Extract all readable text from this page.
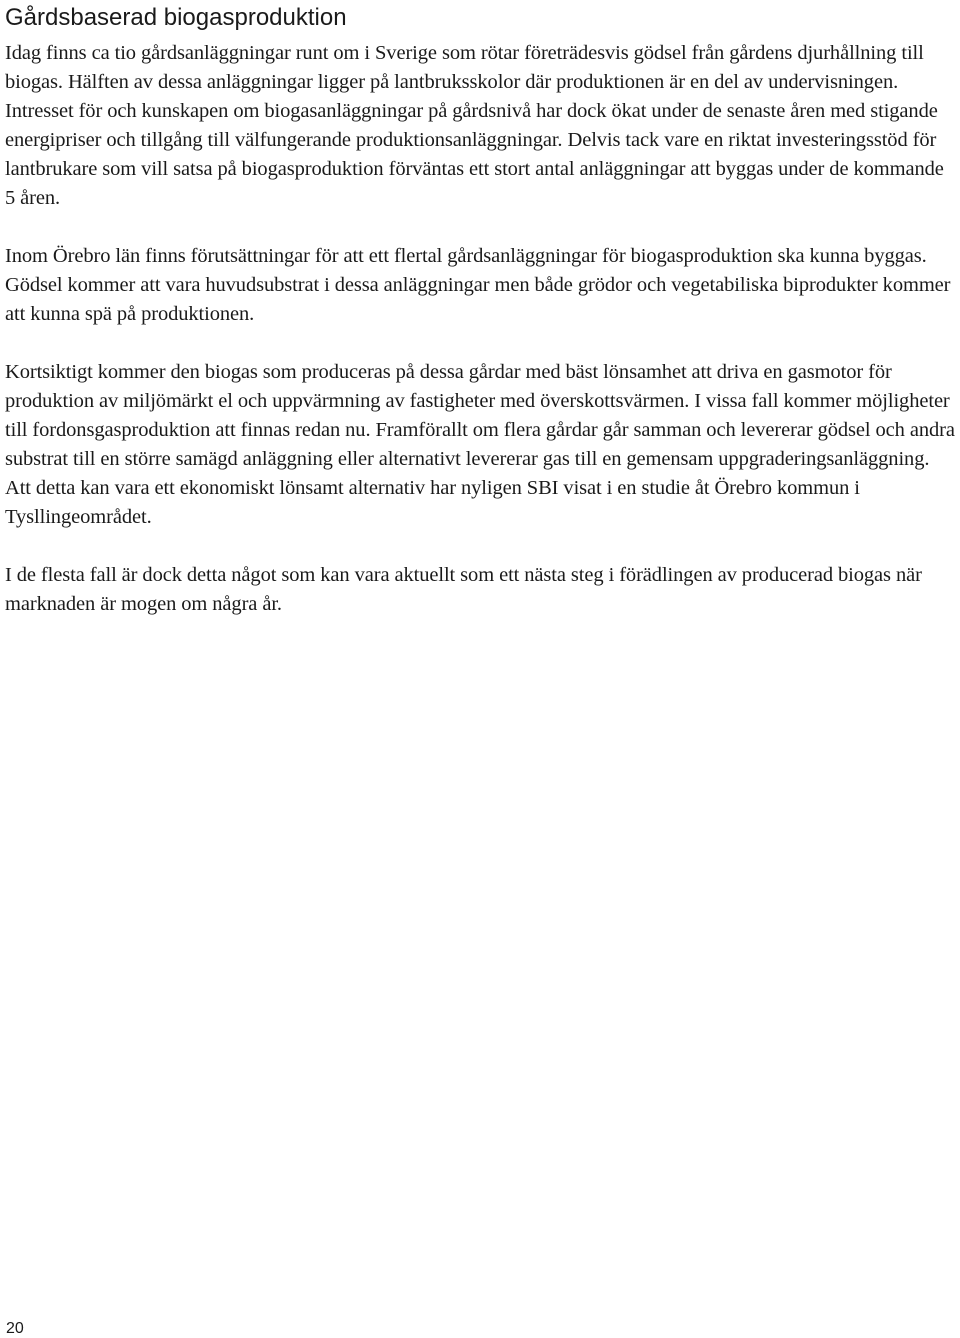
Gårdsbaserad biogasproduktion

Idag finns ca tio gårdsanläggningar runt om i Sverige som rötar företrädesvis gödsel från gårdens djurhållning till biogas. Hälften av dessa anläggningar ligger på lantbruksskolor där produktionen är en del av undervisningen. Intresset för och kunskapen om biogasanläggningar på gårdsnivå har dock ökat under de senaste åren med stigande energipriser och tillgång till välfungerande produktionsanläggningar. Delvis tack vare en riktat investeringsstöd för lantbrukare som vill satsa på biogasproduktion förväntas ett stort antal anläggningar att byggas under de kommande 5 åren.

Inom Örebro län finns förutsättningar för att ett flertal gårdsanläggningar för biogasproduktion ska kunna byggas. Gödsel kommer att vara huvudsubstrat i dessa anläggningar men både grödor och vegetabiliska biprodukter kommer att kunna spä på produktionen.

Kortsiktigt kommer den biogas som produceras på dessa gårdar med bäst lönsamhet att driva en gasmotor för produktion av miljömärkt el och uppvärmning av fastigheter med överskottsvärmen. I vissa fall kommer möjligheter till fordonsgasproduktion att finnas redan nu. Framförallt om flera gårdar går samman och levererar gödsel och andra substrat till en större samägd anläggning eller alternativt levererar gas till en gemensam uppgraderingsanläggning. Att detta kan vara ett ekonomiskt lönsamt alternativ har nyligen SBI visat i en studie åt Örebro kommun i Tysllingeområdet.

I de flesta fall är dock detta något som kan vara aktuellt som ett nästa steg i förädlingen av producerad biogas när marknaden är mogen om några år.

20
